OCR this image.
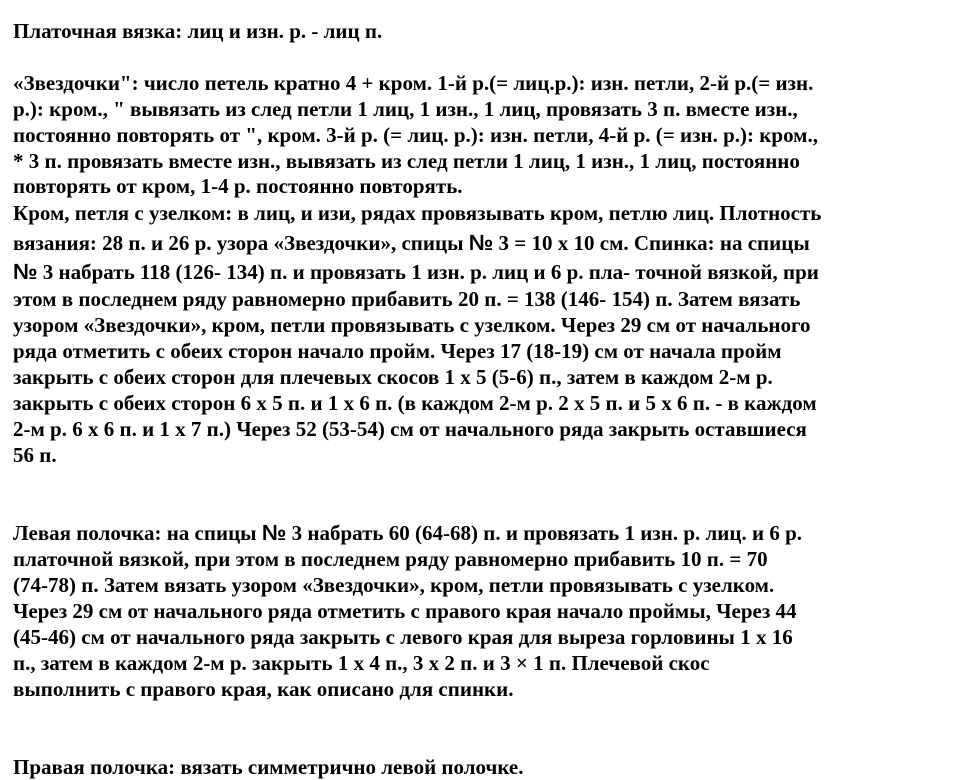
Платочная вязка: лиц и изн. р. - лиц п.
«Звездочки": число петель кратно 4 + кром. 1-й р.(= лиц.р.): изн. петли, 2-й р.(= изн.
р.): кром., " вывязать из след петли 1 лиц, 1 изн., 1 лиц, провязать 3 п. вместе изн.,
постоянно повторять от ", кром. 3-й р. (= лиц. р.): изн. петли, 4-й р. (= изн. р.): кром.,
* 3 п. провязать вместе изн., вывязать из след петли 1 лиц, 1 изн., 1 лиц, постоянно
повторять от кром, 1-4 р. постоянно повторять.
Кром, петля с узелком: в лиц, и изи, рядах провязывать кром, петлю лиц. Плотность
вязания: 28 п. и 26 р. узора «Звездочки», спицы № 3 = 10 х 10 см. Спинка: на спицы
№ 3 набрать 118 (126- 134) п. и провязать 1 изн. р. лиц и 6 р. пла- точной вязкой, при
этом в последнем ряду равномерно прибавить 20 п. = 138 (146- 154) п. Затем вязать
узором «Звездочки», кром, петли провязывать с узелком. Через 29 см от начального
ряда отметить с обеих сторон начало пройм. Через 17 (18-19) см от начала пройм
закрыть с обеих сторон для плечевых скосов 1 х 5 (5-6) п., затем в каждом 2-м р.
закрыть с обеих сторон 6 х 5 п. и 1 х 6 п. (в каждом 2-м р. 2 х 5 п. и 5 х 6 п. - в каждом
2-м р. 6 х 6 п. и 1 х 7 п.) Через 52 (53-54) см от начального ряда закрыть оставшиеся
56 п.
Левая полочка: на спицы № 3 набрать 60 (64-68) п. и провязать 1 изн. р. лиц. и 6 р.
платочной вязкой, при этом в последнем ряду равномерно прибавить 10 п. = 70
(74-78) п. Затем вязать узором «Звездочки», кром, петли провязывать с узелком.
Через 29 см от начального ряда отметить с правого края начало проймы, Через 44
(45-46) см от начального ряда закрыть с левого края для выреза горловины 1 х 16
п., затем в каждом 2-м р. закрыть 1 х 4 п., 3 х 2 п. и 3 × 1 п. Плечевой скос
выполнить с правого края, как описано для спинки.
Правая полочка: вязать симметрично левой полочке.
